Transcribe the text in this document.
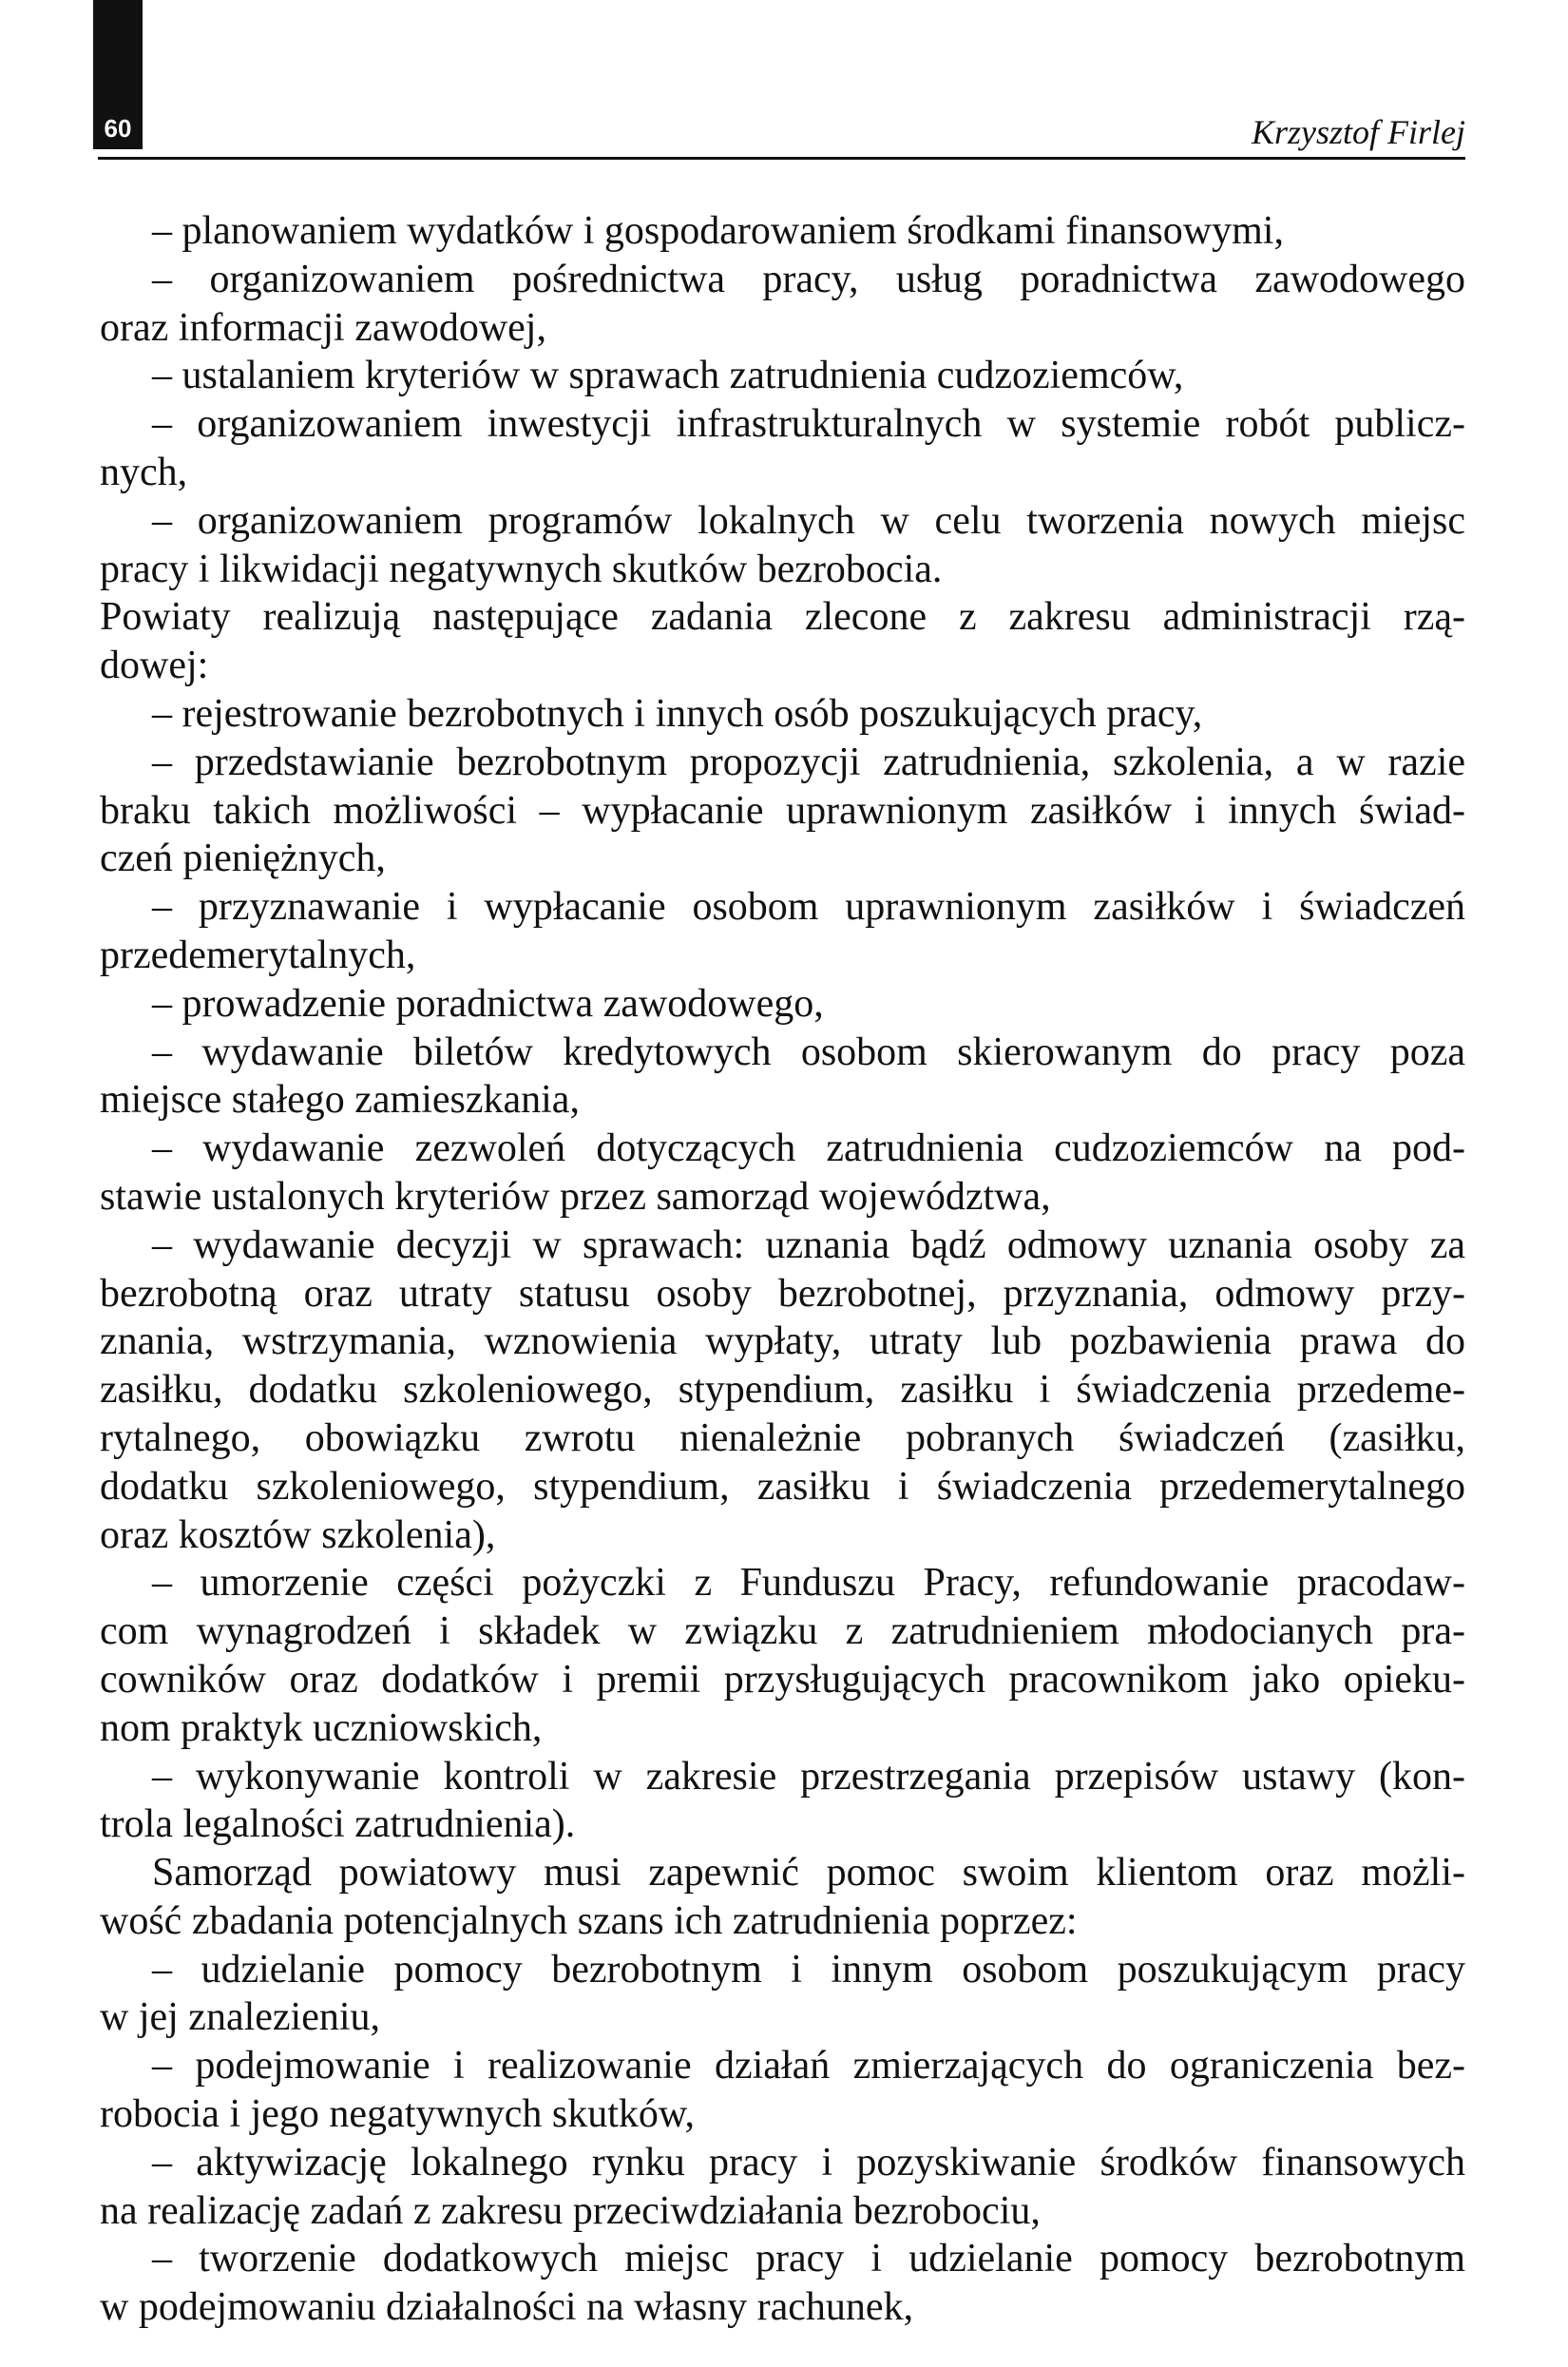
60	Krzysztof Firlej
– planowaniem wydatków i gospodarowaniem środkami finansowymi,
– organizowaniem pośrednictwa pracy, usług poradnictwa zawodowego
oraz informacji zawodowej,
– ustalaniem kryteriów w sprawach zatrudnienia cudzoziemców,
– organizowaniem inwestycji infrastrukturalnych w systemie robót publicz-
nych,
– organizowaniem programów lokalnych w celu tworzenia nowych miejsc
pracy i likwidacji negatywnych skutków bezrobocia.
Powiaty realizują następujące zadania zlecone z zakresu administracji rzą-
dowej:
– rejestrowanie bezrobotnych i innych osób poszukujących pracy,
– przedstawianie bezrobotnym propozycji zatrudnienia, szkolenia, a w razie
braku takich możliwości – wypłacanie uprawnionym zasiłków i innych świad-
czeń pieniężnych,
– przyznawanie i wypłacanie osobom uprawnionym zasiłków i świadczeń
przedemerytalnych,
– prowadzenie poradnictwa zawodowego,
– wydawanie biletów kredytowych osobom skierowanym do pracy poza
miejsce stałego zamieszkania,
– wydawanie zezwoleń dotyczących zatrudnienia cudzoziemców na pod-
stawie ustalonych kryteriów przez samorząd województwa,
– wydawanie decyzji w sprawach: uznania bądź odmowy uznania osoby za
bezrobotną oraz utraty statusu osoby bezrobotnej, przyznania, odmowy przy-
znania, wstrzymania, wznowienia wypłaty, utraty lub pozbawienia prawa do
zasiłku, dodatku szkoleniowego, stypendium, zasiłku i świadczenia przedeme-
rytalnego, obowiązku zwrotu nienależnie pobranych świadczeń (zasiłku,
dodatku szkoleniowego, stypendium, zasiłku i świadczenia przedemerytalnego
oraz kosztów szkolenia),
– umorzenie części pożyczki z Funduszu Pracy, refundowanie pracodaw-
com wynagrodzeń i składek w związku z zatrudnieniem młodocianych pra-
cowników oraz dodatków i premii przysługujących pracownikom jako opieku-
nom praktyk uczniowskich,
– wykonywanie kontroli w zakresie przestrzegania przepisów ustawy (kon-
trola legalności zatrudnienia).
Samorząd powiatowy musi zapewnić pomoc swoim klientom oraz możli-
wość zbadania potencjalnych szans ich zatrudnienia poprzez:
– udzielanie pomocy bezrobotnym i innym osobom poszukującym pracy
w jej znalezieniu,
– podejmowanie i realizowanie działań zmierzających do ograniczenia bez-
robocia i jego negatywnych skutków,
– aktywizację lokalnego rynku pracy i pozyskiwanie środków finansowych
na realizację zadań z zakresu przeciwdziałania bezrobociu,
– tworzenie dodatkowych miejsc pracy i udzielanie pomocy bezrobotnym
w podejmowaniu działalności na własny rachunek,
